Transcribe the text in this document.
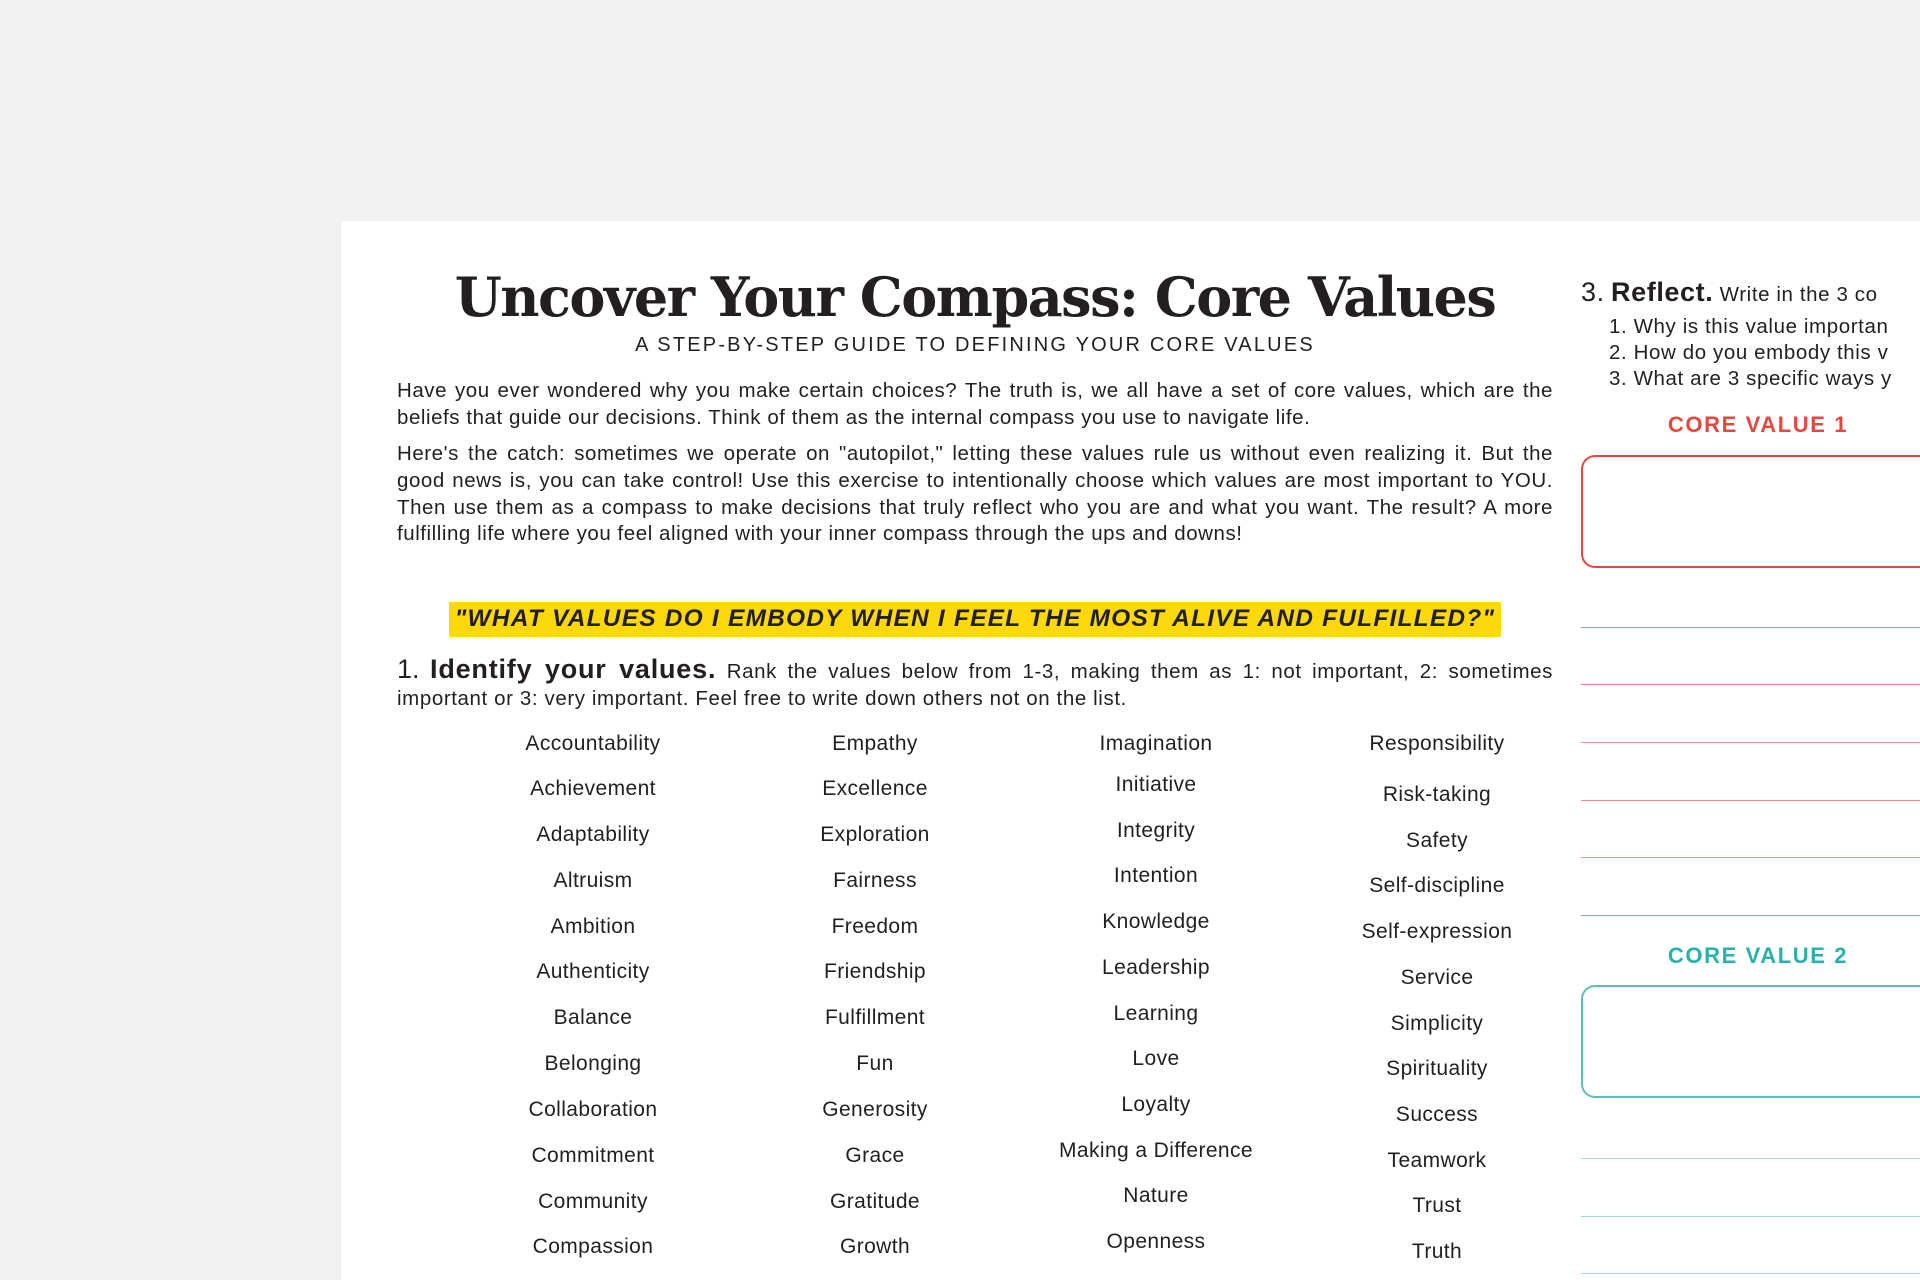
Uncover Your Compass: Core Values
A STEP-BY-STEP GUIDE TO DEFINING YOUR CORE VALUES

Have you ever wondered why you make certain choices? The truth is, we all have a set of core values, which are the beliefs that guide our decisions. Think of them as the internal compass you use to navigate life.

Here's the catch: sometimes we operate on "autopilot," letting these values rule us without even realizing it. But the good news is, you can take control! Use this exercise to intentionally choose which values are most important to YOU. Then use them as a compass to make decisions that truly reflect who you are and what you want. The result? A more fulfilling life where you feel aligned with your inner compass through the ups and downs!

"WHAT VALUES DO I EMBODY WHEN I FEEL THE MOST ALIVE AND FULFILLED?"

1. Identify your values. Rank the values below from 1-3, making them as 1: not important, 2: sometimes important or 3: very important. Feel free to write down others not on the list.

Accountability
Achievement
Adaptability
Altruism
Ambition
Authenticity
Balance
Belonging
Collaboration
Commitment
Community
Compassion
Empathy
Excellence
Exploration
Fairness
Freedom
Friendship
Fulfillment
Fun
Generosity
Grace
Gratitude
Growth
Imagination
Initiative
Integrity
Intention
Knowledge
Leadership
Learning
Love
Loyalty
Making a Difference
Nature
Openness
Responsibility
Risk-taking
Safety
Self-discipline
Self-expression
Service
Simplicity
Spirituality
Success
Teamwork
Trust
Truth
3. Reflect. Write in the 3 co
1. Why is this value importan
2. How do you embody this v
3. What are 3 specific ways y
CORE VALUE 1
CORE VALUE 2
